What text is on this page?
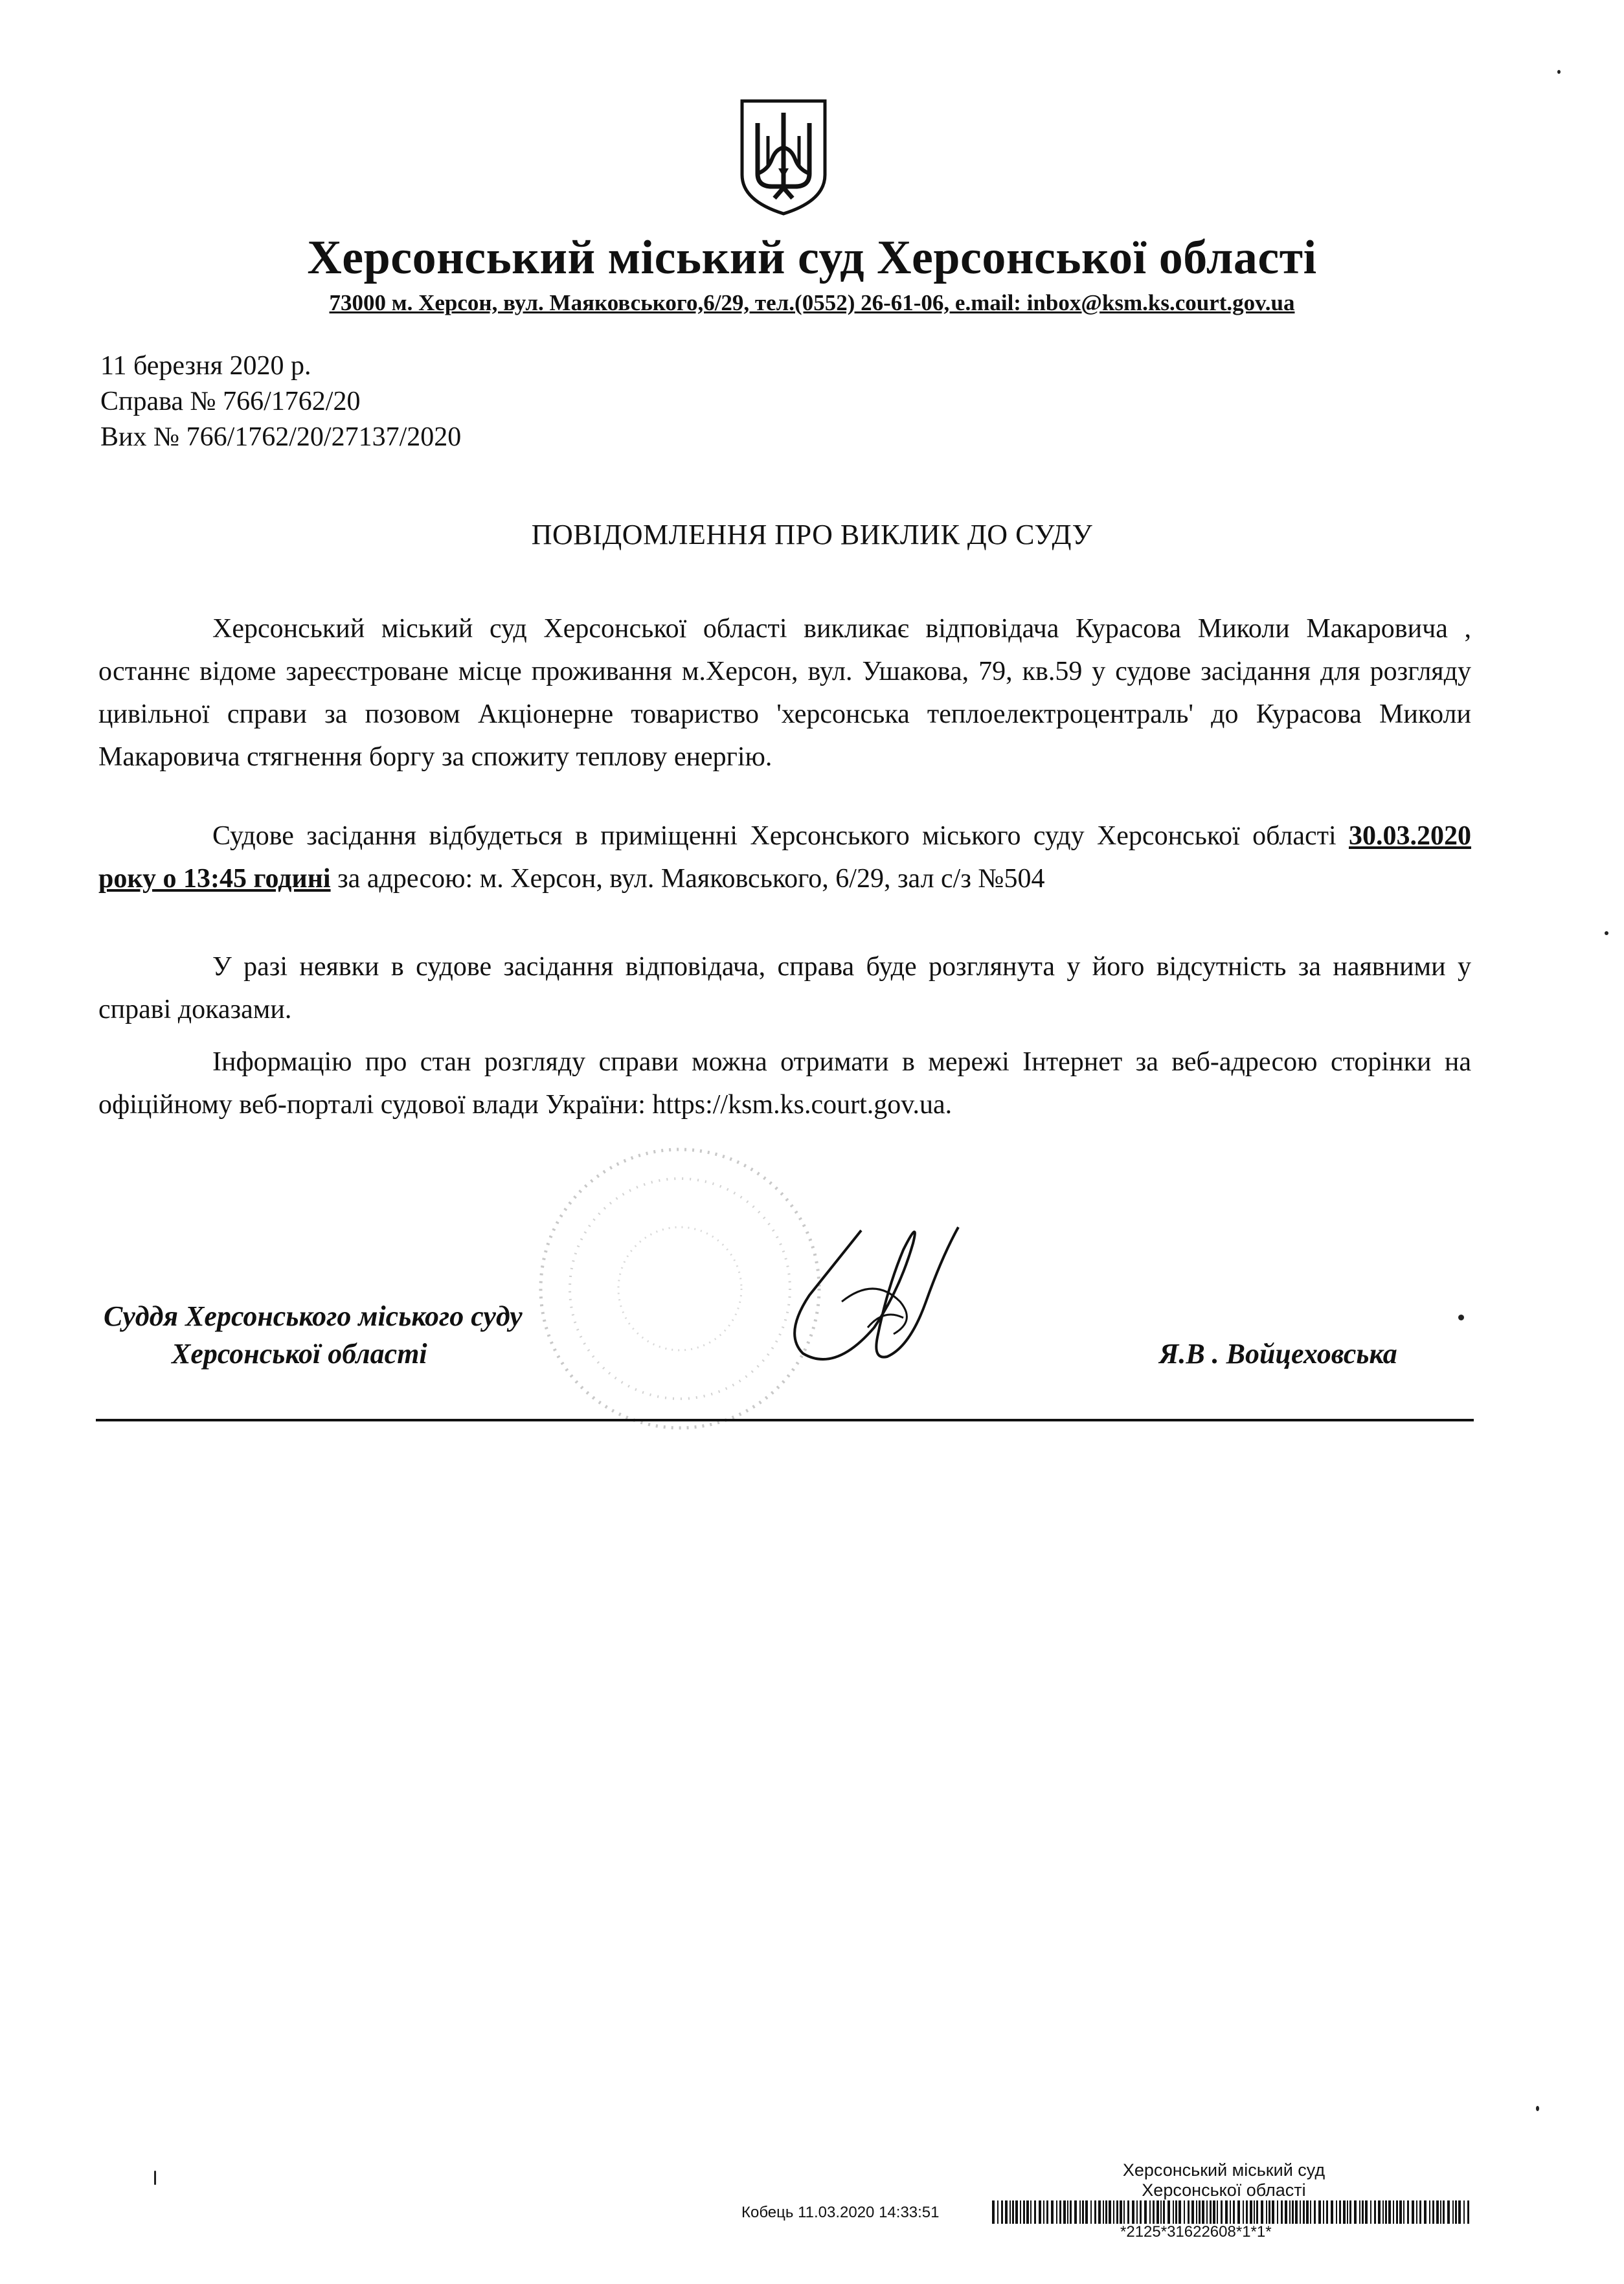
Херсонський міський суд Херсонської області
73000 м. Херсон, вул. Маяковського,6/29, тел.(0552) 26-61-06, e.mail: inbox@ksm.ks.court.gov.ua
11 березня 2020 р.
Справа № 766/1762/20
Вих № 766/1762/20/27137/2020
ПОВІДОМЛЕННЯ ПРО ВИКЛИК ДО СУДУ
Херсонський міський суд Херсонської області викликає відповідача Курасова Миколи Макаровича , останнє відоме зареєстроване місце проживання м.Херсон, вул. Ушакова, 79, кв.59 у судове засідання для розгляду цивільної справи за позовом Акціонерне товариство 'херсонська теплоелектроцентраль' до Курасова Миколи Макаровича стягнення боргу за спожиту теплову енергію.
Судове засідання відбудеться в приміщенні Херсонського міського суду Херсонської області 30.03.2020 року о 13:45 годині за адресою: м. Херсон, вул. Маяковського, 6/29, зал с/з №504
У разі неявки в судове засідання відповідача, справа буде розглянута у його відсутність за наявними у справі доказами.
Інформацію про стан розгляду справи можна отримати в мережі Інтернет за веб-адресою сторінки на офіційному веб-порталі судової влади України: https://ksm.ks.court.gov.ua.
Суддя Херсонського міського суду
Херсонської області	Я.В . Войцеховська
Херсонський міський суд
Херсонської області
Кобець 11.03.2020 14:33:51
*2125*31622608*1*1*
